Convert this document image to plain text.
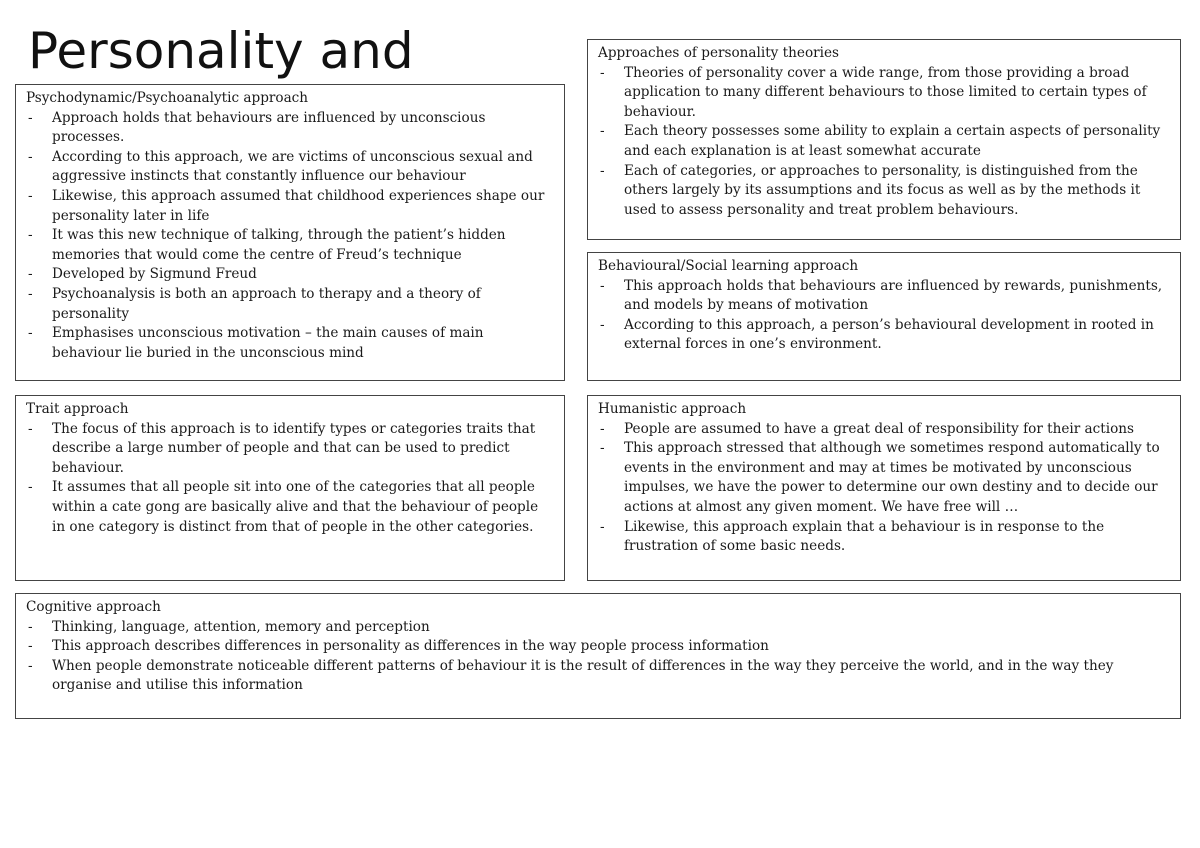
Personality and
Psychodynamic/Psychoanalytic approach
- Approach holds that behaviours are influenced by unconscious processes.
- According to this approach, we are victims of unconscious sexual and aggressive instincts that constantly influence our behaviour
- Likewise, this approach assumed that childhood experiences shape our personality later in life
- It was this new technique of talking, through the patient’s hidden memories that would come the centre of Freud’s technique
- Developed by Sigmund Freud
- Psychoanalysis is both an approach to therapy and a theory of personality
- Emphasises unconscious motivation – the main causes of main behaviour lie buried in the unconscious mind
Approaches of personality theories
- Theories of personality cover a wide range, from those providing a broad application to many different behaviours to those limited to certain types of behaviour.
- Each theory possesses some ability to explain a certain aspects of personality and each explanation is at least somewhat accurate
- Each of categories, or approaches to personality, is distinguished from the others largely by its assumptions and its focus as well as by the methods it used to assess personality and treat problem behaviours.
Behavioural/Social learning approach
- This approach holds that behaviours are influenced by rewards, punishments, and models by means of motivation
- According to this approach, a person’s behavioural development in rooted in external forces in one’s environment.
Trait approach
- The focus of this approach is to identify types or categories traits that describe a large number of people and that can be used to predict behaviour.
- It assumes that all people sit into one of the categories that all people within a cate gong are basically alive and that the behaviour of people in one category is distinct from that of people in the other categories.
Humanistic approach
- People are assumed to have a great deal of responsibility for their actions
- This approach stressed that although we sometimes respond automatically to events in the environment and may at times be motivated by unconscious impulses, we have the power to determine our own destiny and to decide our actions at almost any given moment. We have free will …
- Likewise, this approach explain that a behaviour is in response to the frustration of some basic needs.
Cognitive approach
- Thinking, language, attention, memory and perception
- This approach describes differences in personality as differences in the way people process information
- When people demonstrate noticeable different patterns of behaviour it is the result of differences in the way they perceive the world, and in the way they organise and utilise this information
